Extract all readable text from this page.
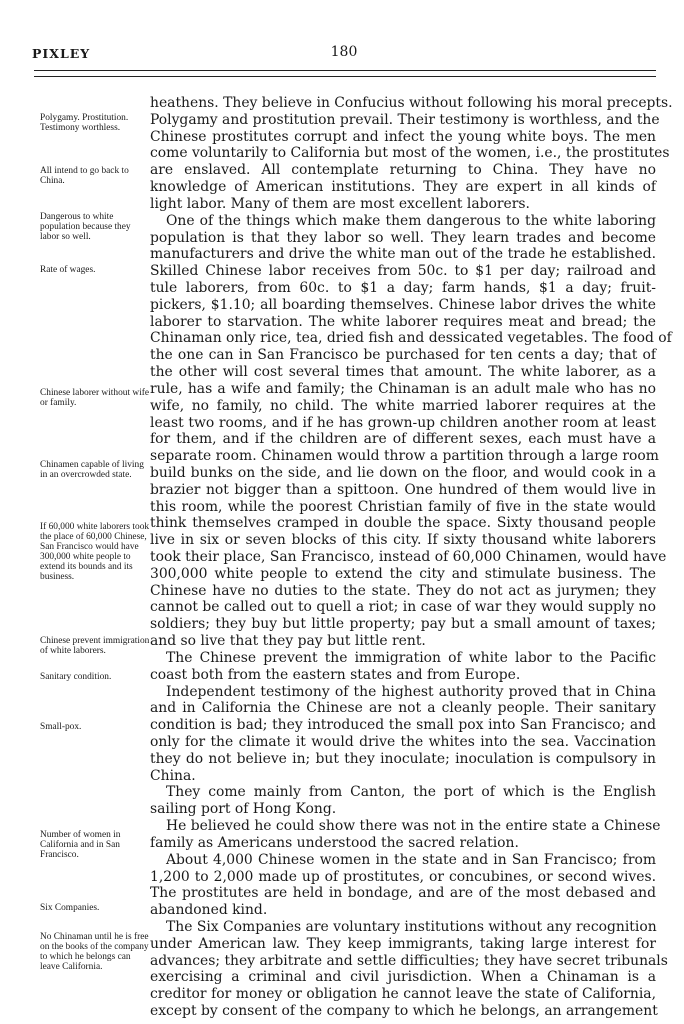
PIXLEY	180
Polygamy. Prostitution. Testimony worthless.
All intend to go back to China.
Dangerous to white population because they labor so well.
Rate of wages.
Chinese laborer without wife or family.
Chinamen capable of living in an overcrowded state.
If 60,000 white laborers took the place of 60,000 Chinese, San Francisco would have 300,000 white people to extend its bounds and its business.
Chinese prevent immigration of white laborers.
Sanitary condition.
Small-pox.
Number of women in California and in San Francisco.
Six Companies.
No Chinaman until he is free on the books of the company to which he belongs can leave California.
heathens. They believe in Confucius without following his moral precepts.
Polygamy and prostitution prevail. Their testimony is worthless, and the
Chinese prostitutes corrupt and infect the young white boys. The men
come voluntarily to California but most of the women, i.e., the prostitutes
are enslaved. All contemplate returning to China. They have no
knowledge of American institutions. They are expert in all kinds of
light labor. Many of them are most excellent laborers.
One of the things which make them dangerous to the white laboring
population is that they labor so well. They learn trades and become
manufacturers and drive the white man out of the trade he established.
Skilled Chinese labor receives from 50c. to $1 per day; railroad and
tule laborers, from 60c. to $1 a day; farm hands, $1 a day; fruit-
pickers, $1.10; all boarding themselves. Chinese labor drives the white
laborer to starvation. The white laborer requires meat and bread; the
Chinaman only rice, tea, dried fish and dessicated vegetables. The food of
the one can in San Francisco be purchased for ten cents a day; that of
the other will cost several times that amount. The white laborer, as a
rule, has a wife and family; the Chinaman is an adult male who has no
wife, no family, no child. The white married laborer requires at the
least two rooms, and if he has grown-up children another room at least
for them, and if the children are of different sexes, each must have a
separate room. Chinamen would throw a partition through a large room
build bunks on the side, and lie down on the floor, and would cook in a
brazier not bigger than a spittoon. One hundred of them would live in
this room, while the poorest Christian family of five in the state would
think themselves cramped in double the space. Sixty thousand people
live in six or seven blocks of this city. If sixty thousand white laborers
took their place, San Francisco, instead of 60,000 Chinamen, would have
300,000 white people to extend the city and stimulate business. The
Chinese have no duties to the state. They do not act as jurymen; they
cannot be called out to quell a riot; in case of war they would supply no
soldiers; they buy but little property; pay but a small amount of taxes;
and so live that they pay but little rent.
The Chinese prevent the immigration of white labor to the Pacific
coast both from the eastern states and from Europe.
Independent testimony of the highest authority proved that in China
and in California the Chinese are not a cleanly people. Their sanitary
condition is bad; they introduced the small pox into San Francisco; and
only for the climate it would drive the whites into the sea. Vaccination
they do not believe in; but they inoculate; inoculation is compulsory in
China.
They come mainly from Canton, the port of which is the English
sailing port of Hong Kong.
He believed he could show there was not in the entire state a Chinese
family as Americans understood the sacred relation.
About 4,000 Chinese women in the state and in San Francisco; from
1,200 to 2,000 made up of prostitutes, or concubines, or second wives.
The prostitutes are held in bondage, and are of the most debased and
abandoned kind.
The Six Companies are voluntary institutions without any recognition
under American law. They keep immigrants, taking large interest for
advances; they arbitrate and settle difficulties; they have secret tribunals
exercising a criminal and civil jurisdiction. When a Chinaman is a
creditor for money or obligation he cannot leave the state of California,
except by consent of the company to which he belongs, an arrangement
